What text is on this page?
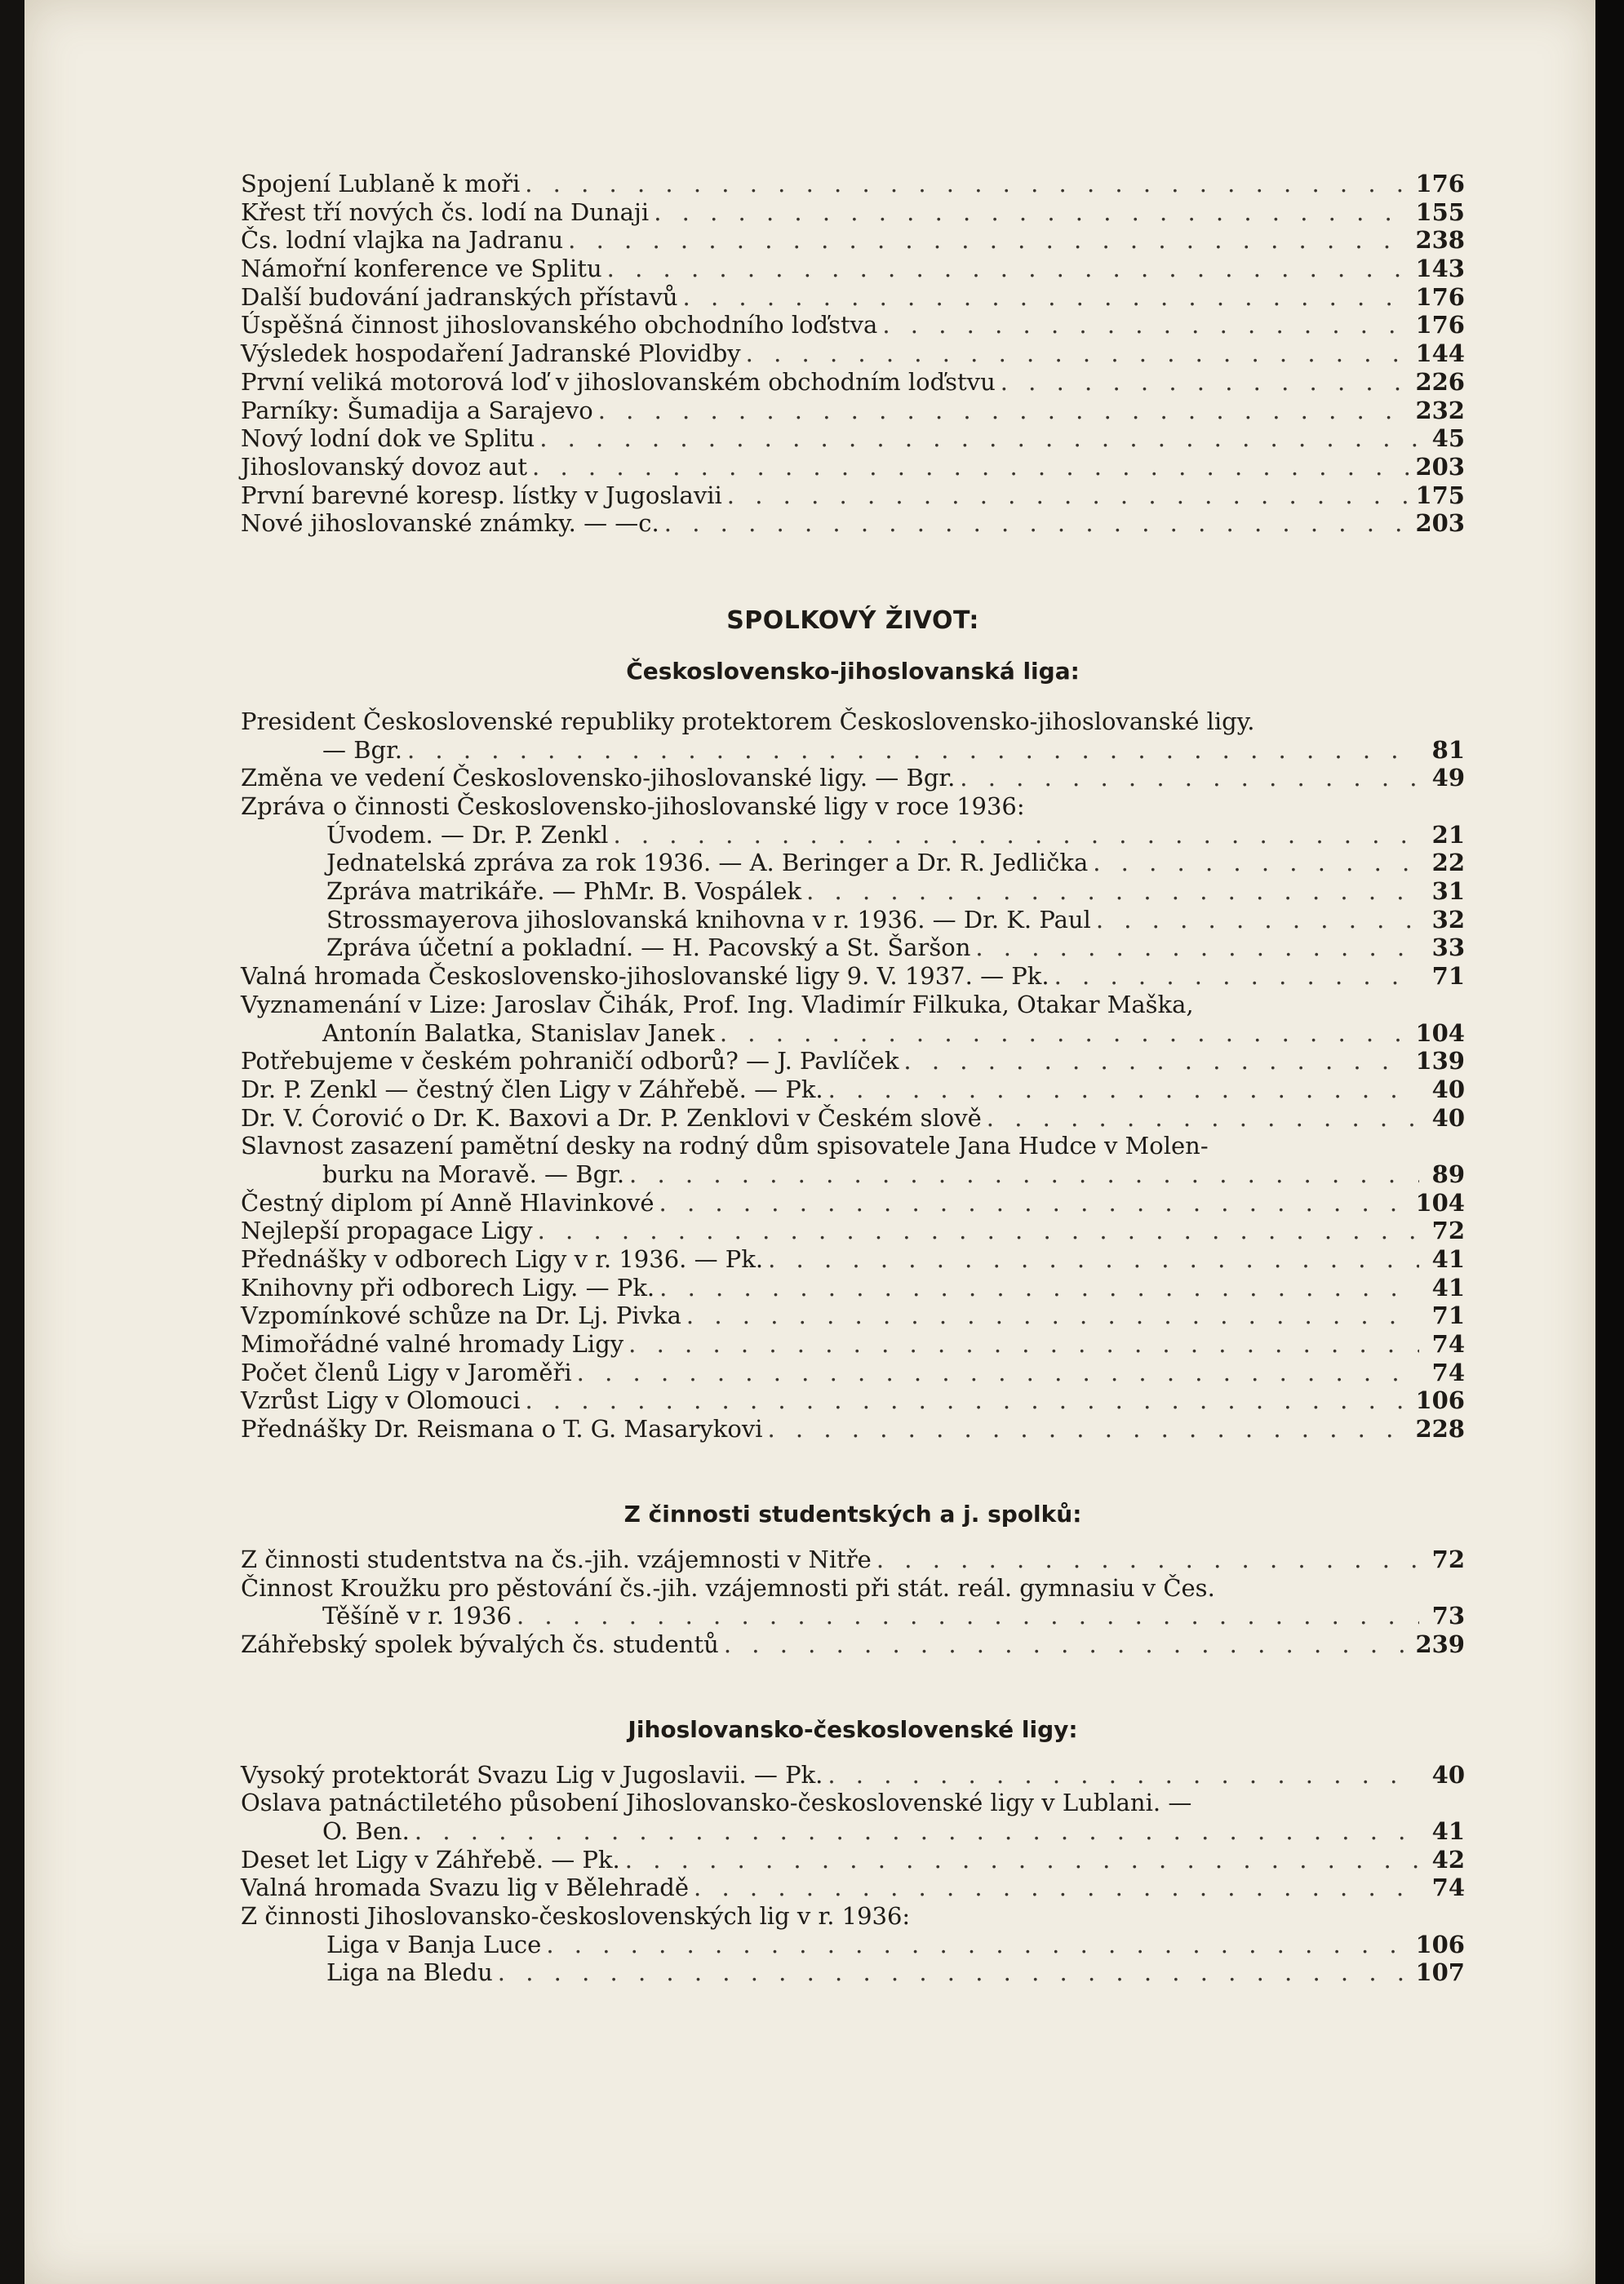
Spojení Lublaně k moři . . .	176
Křest tří nových čs. lodí na Dunaji . . .	155
Čs. lodní vlajka na Jadranu . . .	238
Námořní konference ve Splitu . . .	143
Další budování jadranských přístavů . . .	176
Úspěšná činnost jihoslovanského obchodního loďstva . . .	176
Výsledek hospodaření Jadranské Plovidby . . .	144
První veliká motorová loď v jihoslovanském obchodním loďstvu . . .	226
Parníky: Šumadija a Sarajevo . . .	232
Nový lodní dok ve Splitu . . .	45
Jihoslovanský dovoz aut . . .	203
První barevné koresp. lístky v Jugoslavii . . .	175
Nové jihoslovanské známky. — —c. . . .	203
SPOLKOVÝ ŽIVOT:
Československo-jihoslovanská liga:
President Československé republiky protektorem Československo-jihoslovanské ligy.
— Bgr. . . .	81
Změna ve vedení Československo-jihoslovanské ligy. — Bgr. . . .	49
Zpráva o činnosti Československo-jihoslovanské ligy v roce 1936:
Úvodem. — Dr. P. Zenkl . . .	21
Jednatelská zpráva za rok 1936. — A. Beringer a Dr. R. Jedlička . . .	22
Zpráva matrikáře. — PhMr. B. Vospálek . . .	31
Strossmayerova jihoslovanská knihovna v r. 1936. — Dr. K. Paul . . .	32
Zpráva účetní a pokladní. — H. Pacovský a St. Šaršon . . .	33
Valná hromada Československo-jihoslovanské ligy 9. V. 1937. — Pk. . . .	71
Vyznamenání v Lize: Jaroslav Čihák, Prof. Ing. Vladimír Filkuka, Otakar Maška,
Antonín Balatka, Stanislav Janek . . .	104
Potřebujeme v českém pohraničí odborů? — J. Pavlíček . . .	139
Dr. P. Zenkl — čestný člen Ligy v Záhřebě. — Pk. . . .	40
Dr. V. Ćorović o Dr. K. Baxovi a Dr. P. Zenklovi v Českém slově . . .	40
Slavnost zasazení pamětní desky na rodný dům spisovatele Jana Hudce v Molen-
burku na Moravě. — Bgr. . . .	89
Čestný diplom pí Anně Hlavinkové . . .	104
Nejlepší propagace Ligy . . .	72
Přednášky v odborech Ligy v r. 1936. — Pk. . . .	41
Knihovny při odborech Ligy. — Pk. . . .	41
Vzpomínkové schůze na Dr. Lj. Pivka . . .	71
Mimořádné valné hromady Ligy . . .	74
Počet členů Ligy v Jaroměři . . .	74
Vzrůst Ligy v Olomouci . . .	106
Přednášky Dr. Reismana o T. G. Masarykovi . . .	228
Z činnosti studentských a j. spolků:
Z činnosti studentstva na čs.-jih. vzájemnosti v Nitře . . .	72
Činnost Kroužku pro pěstování čs.-jih. vzájemnosti při stát. reál. gymnasiu v Čes.
Těšíně v r. 1936 . . .	73
Záhřebský spolek bývalých čs. studentů . . .	239
Jihoslovansko-československé ligy:
Vysoký protektorát Svazu Lig v Jugoslavii. — Pk. . . .	40
Oslava patnáctiletého působení Jihoslovansko-československé ligy v Lublani. —
O. Ben. . . .	41
Deset let Ligy v Záhřebě. — Pk. . . .	42
Valná hromada Svazu lig v Bělehradě . . .	74
Z činnosti Jihoslovansko-československých lig v r. 1936:
Liga v Banja Luce . . .	106
Liga na Bledu . . .	107
